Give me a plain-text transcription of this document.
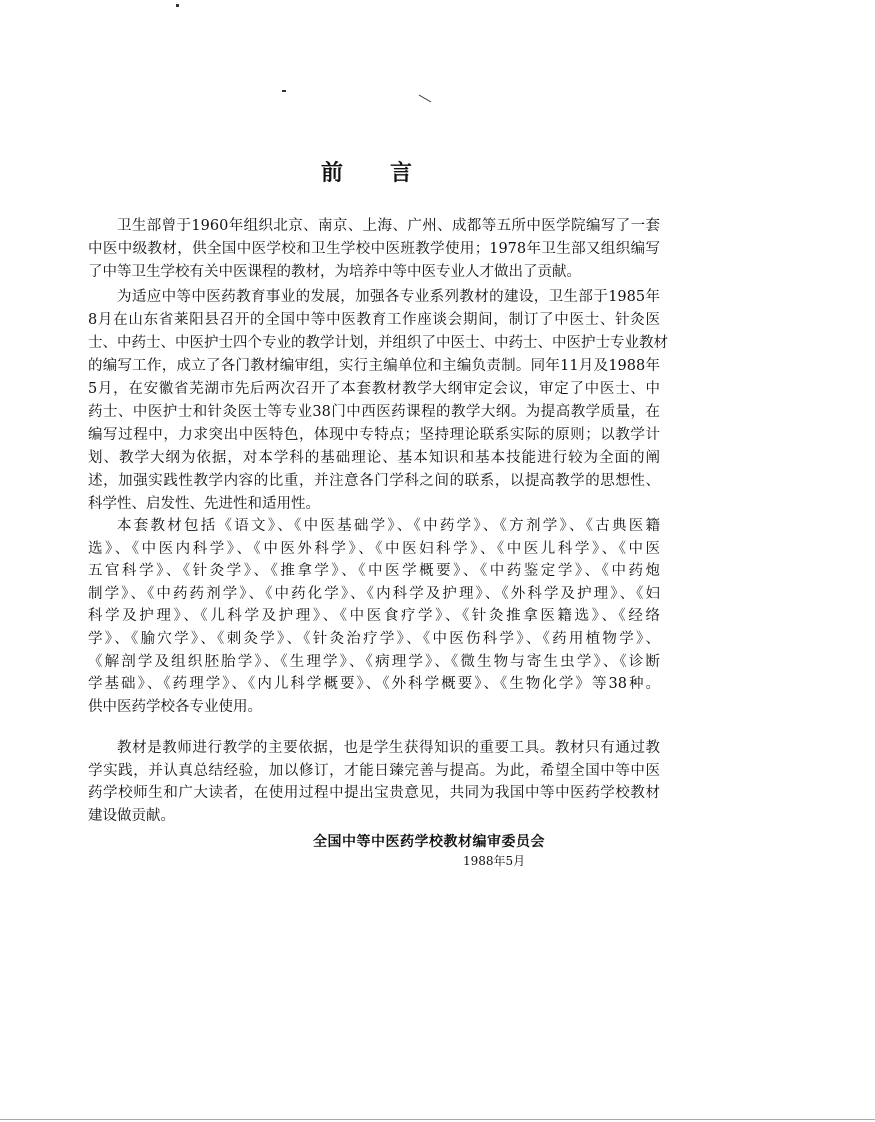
前 言
卫生部曾于1960年组织北京、南京、上海、广州、成都等五所中医学院编写了一套
中医中级教材，供全国中医学校和卫生学校中医班教学使用；1978年卫生部又组织编写
了中等卫生学校有关中医课程的教材，为培养中等中医专业人才做出了贡献。
为适应中等中医药教育事业的发展，加强各专业系列教材的建设，卫生部于1985年
8月在山东省莱阳县召开的全国中等中医教育工作座谈会期间，制订了中医士、针灸医
士、中药士、中医护士四个专业的教学计划，并组织了中医士、中药士、中医护士专业教材
的编写工作，成立了各门教材编审组，实行主编单位和主编负责制。同年11月及1988年
5月，在安徽省芜湖市先后两次召开了本套教材教学大纲审定会议，审定了中医士、中
药士、中医护士和针灸医士等专业38门中西医药课程的教学大纲。为提高教学质量，在
编写过程中，力求突出中医特色，体现中专特点；坚持理论联系实际的原则；以教学计
划、教学大纲为依据，对本学科的基础理论、基本知识和基本技能进行较为全面的阐
述，加强实践性教学内容的比重，并注意各门学科之间的联系，以提高教学的思想性、
科学性、启发性、先进性和适用性。
本套教材包括《语文》、《中医基础学》、《中药学》、《方剂学》、《古典医籍
选》、《中医内科学》、《中医外科学》、《中医妇科学》、《中医儿科学》、《中医
五官科学》、《针灸学》、《推拿学》、《中医学概要》、《中药鉴定学》、《中药炮
制学》、《中药药剂学》、《中药化学》、《内科学及护理》、《外科学及护理》、《妇
科学及护理》、《儿科学及护理》、《中医食疗学》、《针灸推拿医籍选》、《经络
学》、《腧穴学》、《刺灸学》、《针灸治疗学》、《中医伤科学》、《药用植物学》、
《解剖学及组织胚胎学》、《生理学》、《病理学》、《微生物与寄生虫学》、《诊断
学基础》、《药理学》、《内儿科学概要》、《外科学概要》、《生物化学》等38种。
供中医药学校各专业使用。
教材是教师进行教学的主要依据，也是学生获得知识的重要工具。教材只有通过教
学实践，并认真总结经验，加以修订，才能日臻完善与提高。为此，希望全国中等中医
药学校师生和广大读者，在使用过程中提出宝贵意见，共同为我国中等中医药学校教材
建设做贡献。
全国中等中医药学校教材编审委员会
1988年5月
